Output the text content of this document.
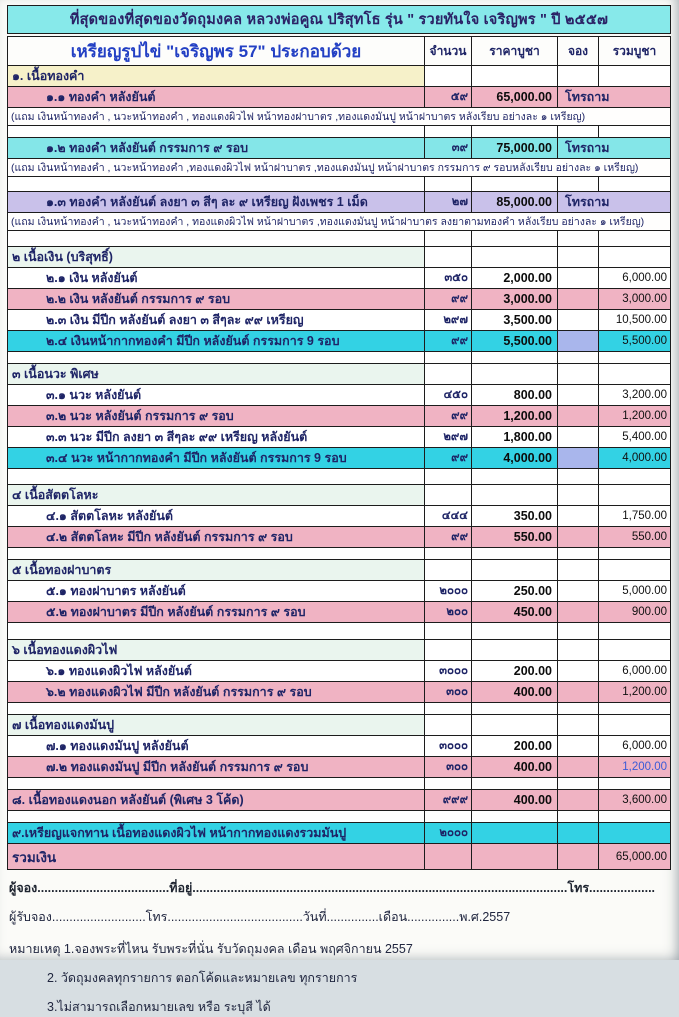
ที่สุดของที่สุดของวัดถุมงคล หลวงพ่อคูณ ปริสุทโธ รุ่น " รวยทันใจ เจริญพร " ปี ๒๕๕๗
เหรียญรูปไข่ "เจริญพร 57" ประกอบด้วย	จำนวน	ราคาบูชา	จอง	รวมบูชา
๑. เนื้อทองคำ				
๑.๑ ทองคำ หลังยันต์	๕๙	65,000.00	โทรถาม	
(แถม เงินหน้าทองคำ , นวะหน้าทองคำ , ทองแดงผิวไฟ หน้าทองฝาบาตร ,ทองแดงมันปู หน้าฝาบาตร หลังเรียบ อย่างละ ๑ เหรียญ)				

๑.๒ ทองคำ หลังยันต์ กรรมการ ๙ รอบ	๓๙	75,000.00	โทรถาม	
(แถม เงินหน้าทองคำ , นวะหน้าทองคำ ,ทองแดงผิวไฟ หน้าฝาบาตร ,ทองแดงมันปู หน้าฝาบาตร กรรมการ ๙ รอบหลังเรียบ อย่างละ ๑ เหรียญ)				

๑.๓ ทองคำ หลังยันต์ ลงยา ๓ สีๆ ละ ๙ เหรียญ ฝังเพชร 1 เม็ด	๒๗	85,000.00	โทรถาม	
(แถม เงินหน้าทองคำ , นวะหน้าทองคำ , ทองแดงผิวไฟ หน้าฝาบาตร ,ทองแดงมันปู หน้าฝาบาตร ลงยาตามทองคำ หลังเรียบ อย่างละ ๑ เหรียญ)				

๒ เนื้อเงิน (บริสุทธิ์)				
๒.๑ เงิน หลังยันต์	๓๕๐	2,000.00		6,000.00
๒.๒ เงิน หลังยันต์ กรรมการ ๙ รอบ	๙๙	3,000.00		3,000.00
๒.๓ เงิน มีปีก หลังยันต์ ลงยา ๓ สีๆละ ๙๙ เหรียญ	๒๙๗	3,500.00		10,500.00
๒.๔ เงินหน้ากากทองคำ มีปีก หลังยันต์ กรรมการ 9 รอบ	๙๙	5,500.00		5,500.00

๓ เนื้อนวะ พิเศษ				
๓.๑ นวะ หลังยันต์	๔๕๐	800.00		3,200.00
๓.๒ นวะ หลังยันต์ กรรมการ ๙ รอบ	๙๙	1,200.00		1,200.00
๓.๓ นวะ มีปีก ลงยา ๓ สีๆละ ๙๙ เหรียญ หลังยันต์	๒๙๗	1,800.00		5,400.00
๓.๔ นวะ หน้ากากทองคำ มีปีก หลังยันต์ กรรมการ 9 รอบ	๙๙	4,000.00		4,000.00

๔ เนื้อสัตตโลหะ				
๔.๑ สัตตโลหะ หลังยันต์	๔๔๔	350.00		1,750.00
๔.๒ สัตตโลหะ มีปีก หลังยันต์ กรรมการ ๙ รอบ	๙๙	550.00		550.00

๕ เนื้อทองฝาบาตร				
๕.๑ ทองฝาบาตร หลังยันต์	๒๐๐๐	250.00		5,000.00
๕.๒ ทองฝาบาตร มีปีก หลังยันต์ กรรมการ ๙ รอบ	๒๐๐	450.00		900.00

๖ เนื้อทองแดงผิวไฟ				
๖.๑ ทองแดงผิวไฟ หลังยันต์	๓๐๐๐	200.00		6,000.00
๖.๒ ทองแดงผิวไฟ มีปีก หลังยันต์ กรรมการ ๙ รอบ	๓๐๐	400.00		1,200.00

๗ เนื้อทองแดงมันปู				
๗.๑ ทองแดงมันปู หลังยันต์	๓๐๐๐	200.00		6,000.00
๗.๒ ทองแดงมันปู มีปีก หลังยันต์ กรรมการ ๙ รอบ	๓๐๐	400.00		1,200.00

๘. เนื้อทองแดงนอก หลังยันต์ (พิเศษ 3 โค้ด)	๙๙๙	400.00		3,600.00

๙.เหรียญแจกทาน เนื้อทองแดงผิวไฟ หน้ากากทองแดงรวมมันปู	๒๐๐๐			
รวมเงิน				65,000.00
ผู้จอง......................................ที่อยู่............................................................................................................โทร...................
ผู้รับจอง...........................โทร.......................................วันที่...............เดือน...............พ.ศ.2557
หมายเหตุ 1.จองพระที่ไหน รับพระที่นั่น รับวัดถุมงคล เดือน พฤศจิกายน 2557
2. วัดถุมงคลทุกรายการ ตอกโค้ดและหมายเลข ทุกรายการ
3.ไม่สามารถเลือกหมายเลข หรือ ระบุสี ได้
